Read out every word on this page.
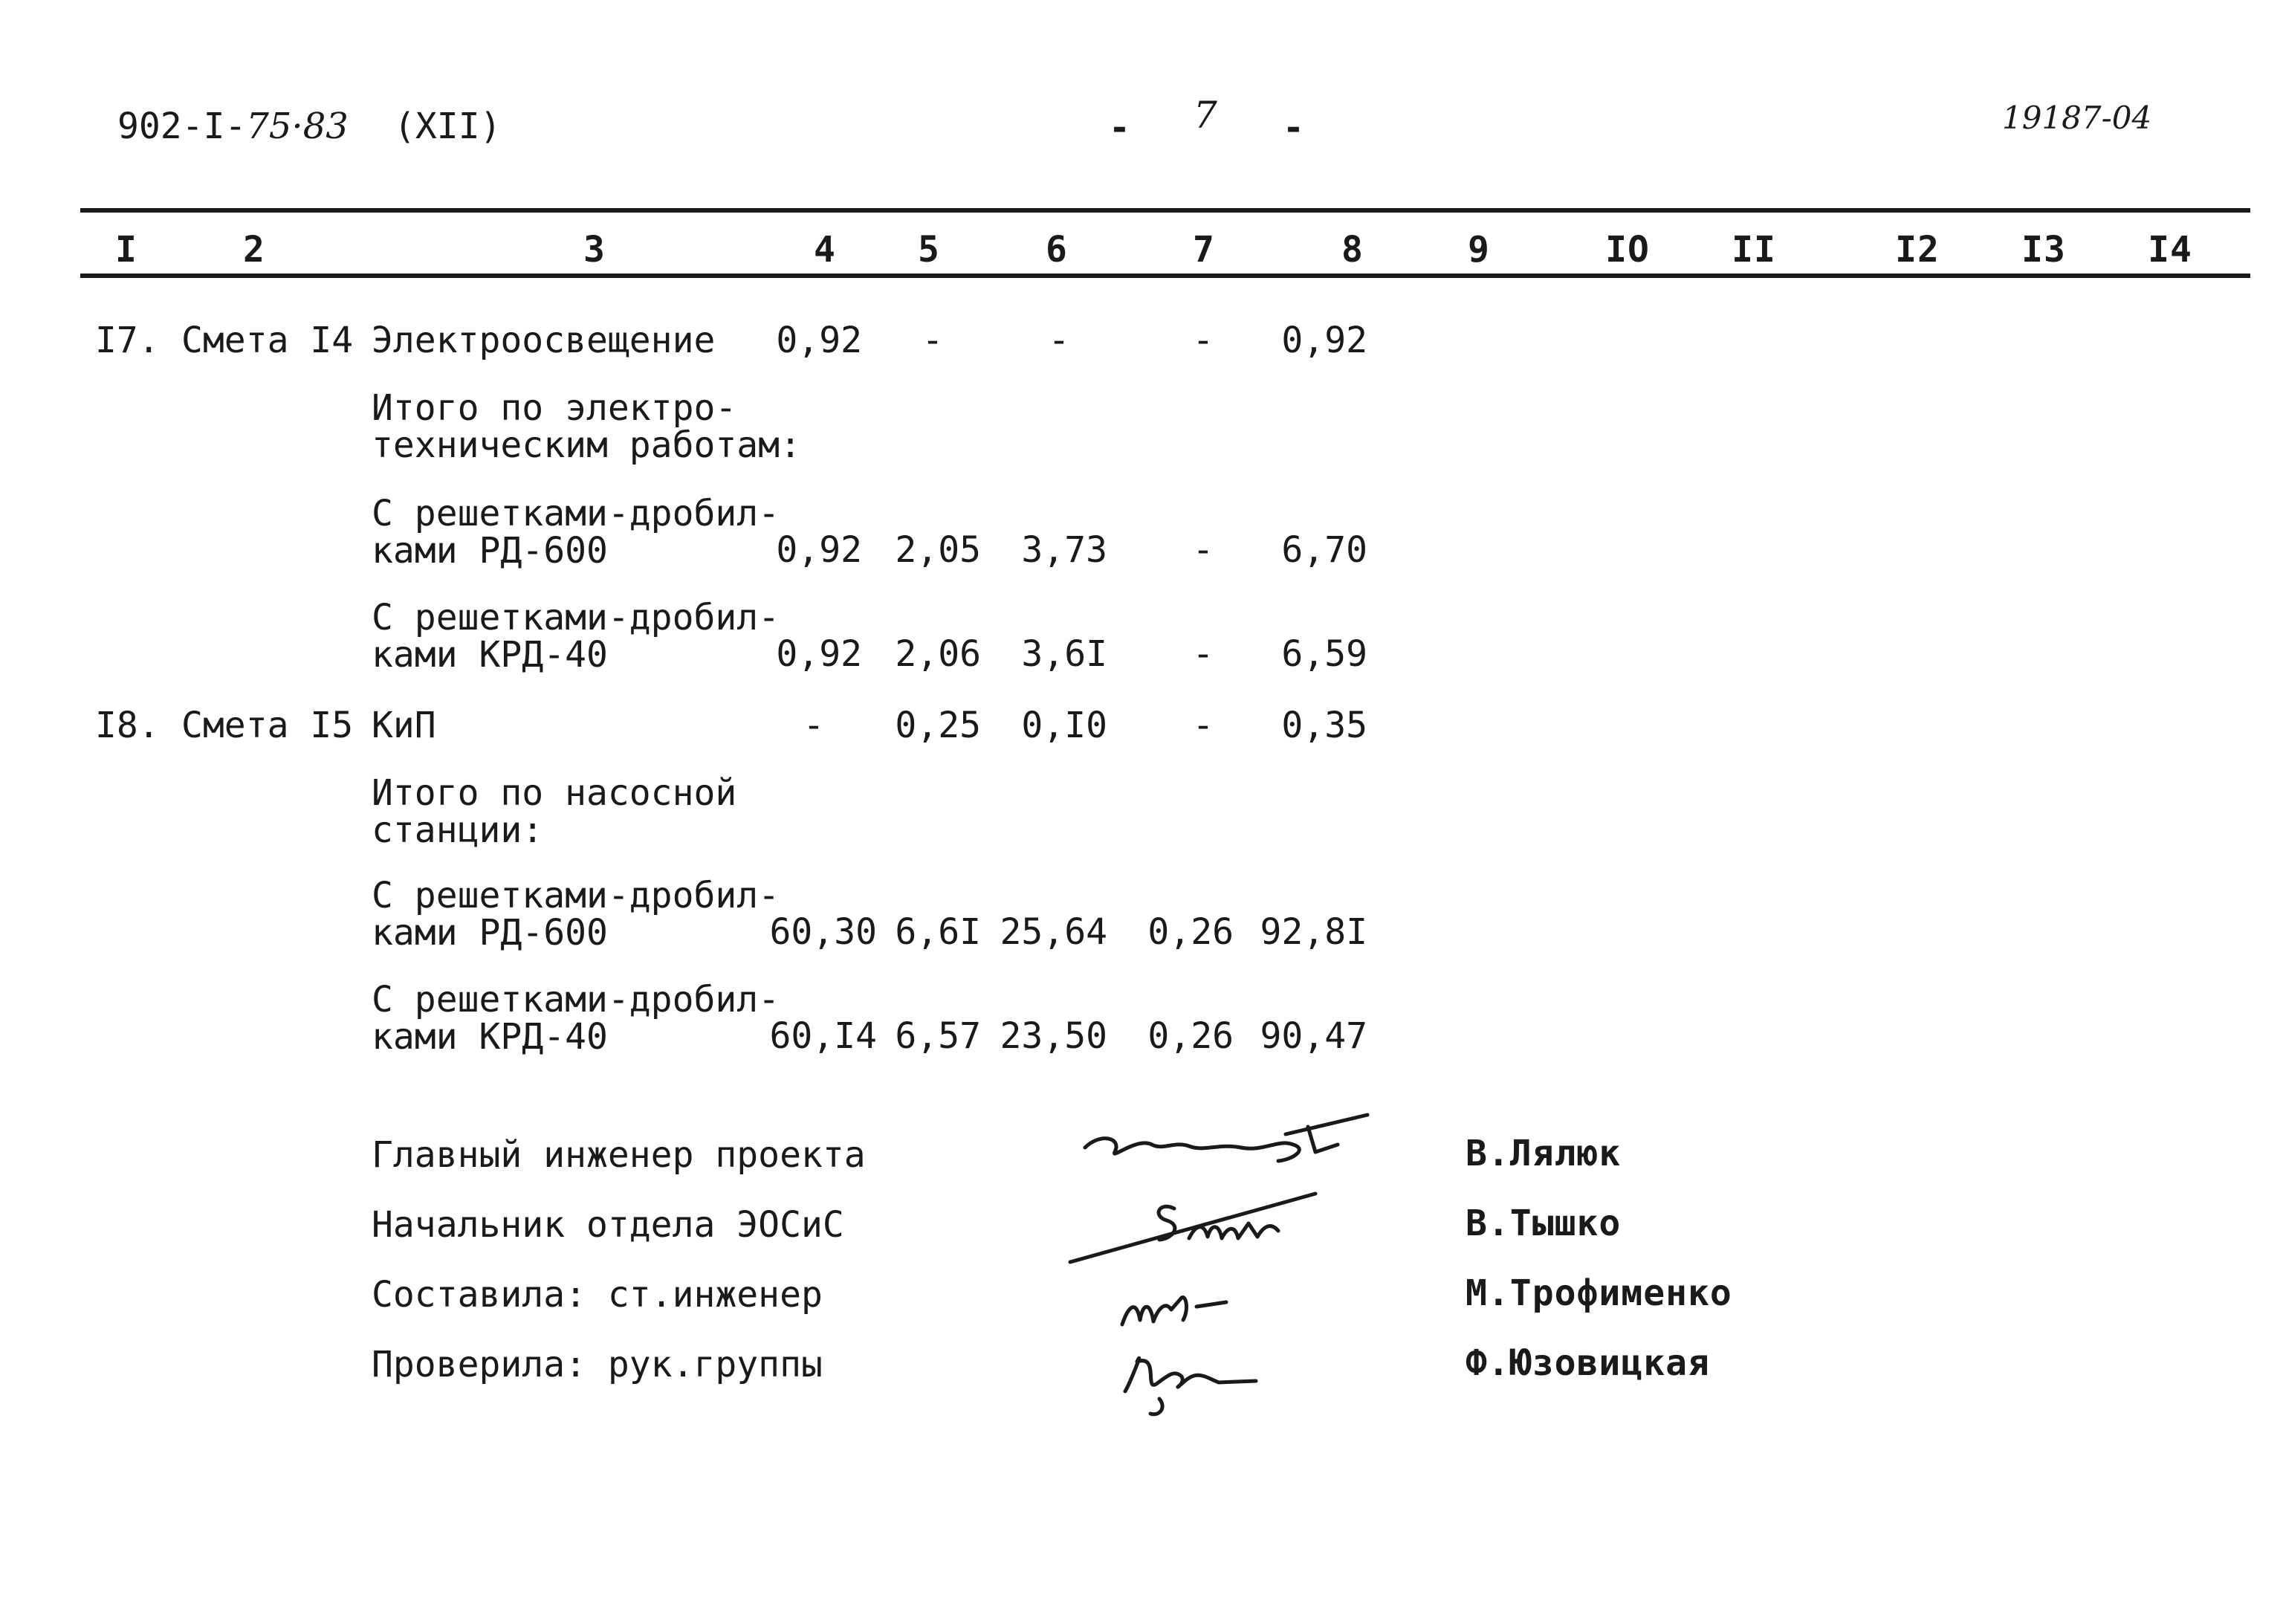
902-I-75·83 (XII)	- 7 -	19187-04
I	2	3	4 5	6	7	8	9	IO II	I2 I3 I4
I7. Смета I4 Электроосвещение	0,92	-	-	-	0,92
Итого по электро-
техническим работам:
С решетками-дробил-
ками РД-600	0,92 2,05	3,73	-	6,70
С решетками-дробил-
ками КРД-40	0,92 2,06	3,6I	-	6,59
I8. Смета I5 КиП	-	0,25	0,I0	-	0,35
Итого по насосной
станции:
С решетками-дробил-
ками РД-600	60,30 6,6I 25,64	0,26 92,8I
С решетками-дробил-
ками КРД-40	60,I4 6,57 23,50	0,26 90,47
Главный инженер проекта
Начальник отдела ЭОСиС
Составила: ст.инженер
Проверила: рук.группы
В.Лялюк
В.Тышко
М.Трофименко
Ф.Юзовицкая
